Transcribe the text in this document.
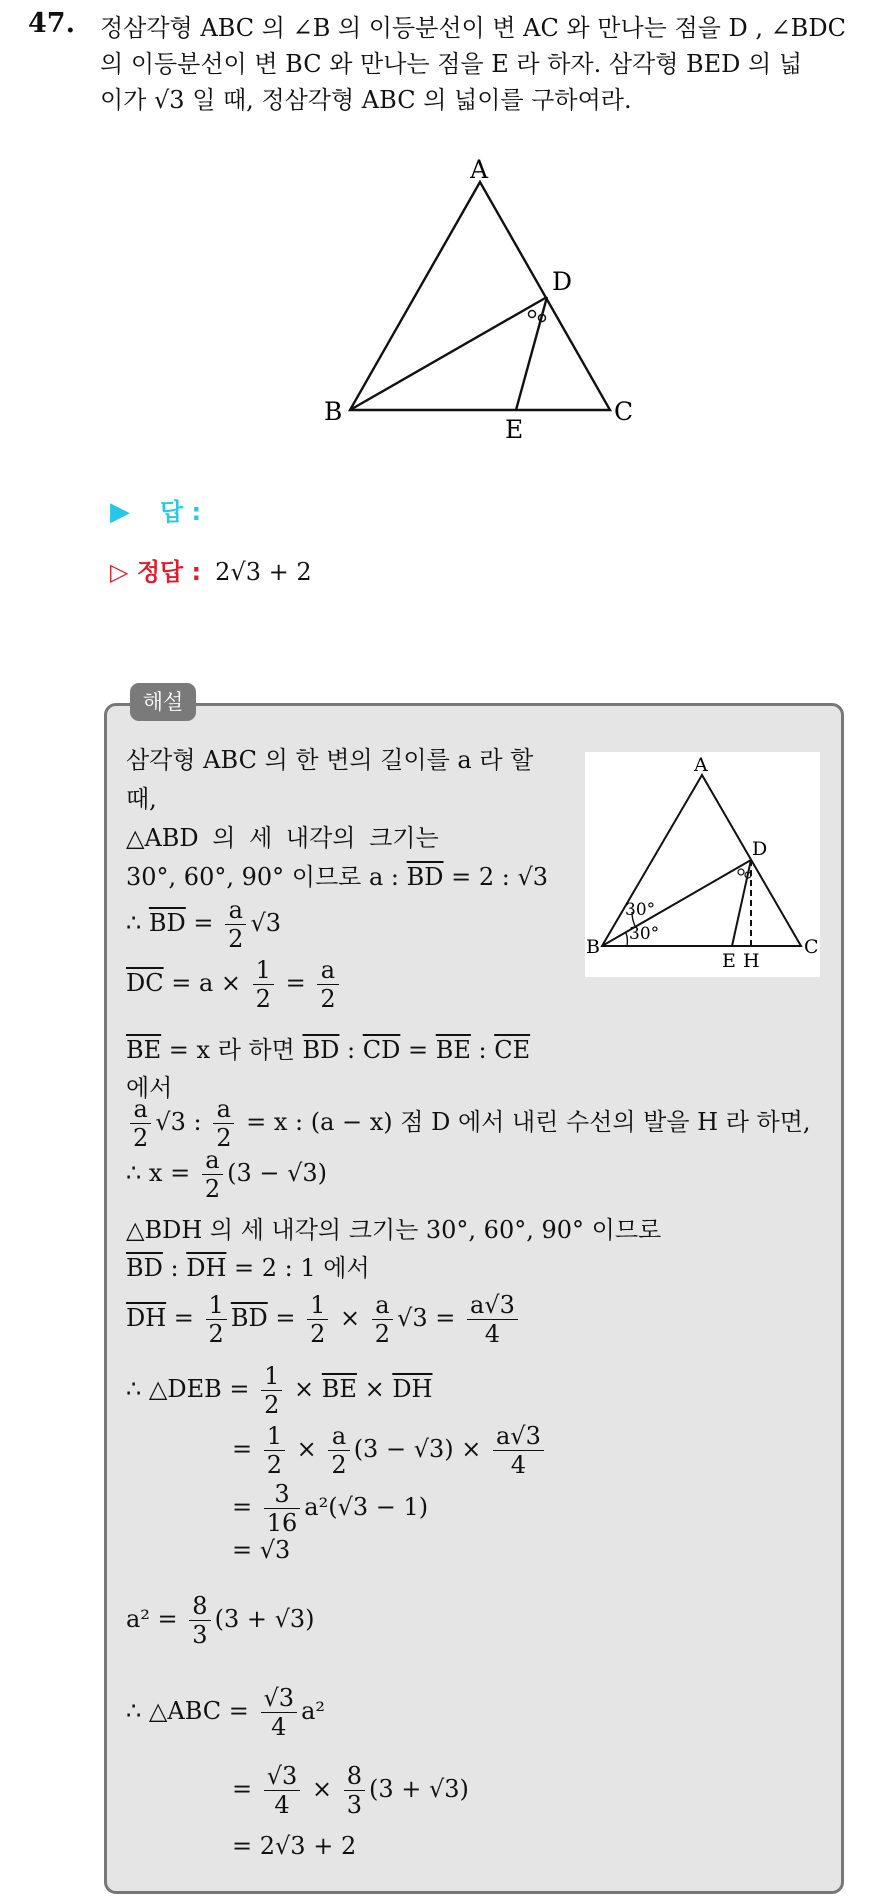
47. 정삼각형 ABC 의 ∠B 의 이등분선이 변 AC 와 만나는 점을 D , ∠BDC

의 이등분선이 변 BC 와 만나는 점을 E 라 하자. 삼각형 BED 의 넓

이가 √3 일 때, 정삼각형 ABC 의 넓이를 구하여라.

A
B	C
D
E
▶ 답 :
▷ 정답 : 2√3 + 2
해설
30°
30°
A
B	C
D
E H
삼각형 ABC 의 한 변의 길이를 a 라 할
때,
△ABD 의 세 내각의 크기는
30°, 60°, 90° 이므로 a : $\overline{BD} = 2$ : √3
∴ $\overline{BD} = \frac{a}{2} √3$
$\overline{DC} = a \times \frac{1}{2} = \frac{a}{2}$
$\overline{BE} = x$ 라 하면 $\overline{BD}$ : $\overline{CD} = \overline{BE}$ : $\overline{CE}$
에서
$\frac{a}{2} √3$ : $\frac{a}{2} = x$ : (a − x) 점 D 에서 내린 수선의 발을 H 라 하면,
∴ $x = \frac{a}{2} (3 - √3)$
△BDH 의 세 내각의 크기는 30°, 60°, 90° 이므로
$\overline{BD}$ : $\overline{DH} = 2$ : 1 에서
$\overline{DH} = \frac{1}{2} \overline{BD} = \frac{1}{2} \times \frac{a}{2} √3 = \frac{a√3}{4}$
∴ △DEB = $\frac{1}{2} \times \overline{BE} \times \overline{DH}$
= $\frac{1}{2} \times \frac{a}{2} (3 - √3) \times \frac{a√3}{4}$
= $\frac{3}{16} a^2(√3 - 1)$
= √3
$a^2 = \frac{8}{3} (3 + √3)$
∴ △ABC = $\frac{√3}{4} a^2$
= $\frac{√3}{4} \times \frac{8}{3} (3 + √3)$
= 2√3 + 2
